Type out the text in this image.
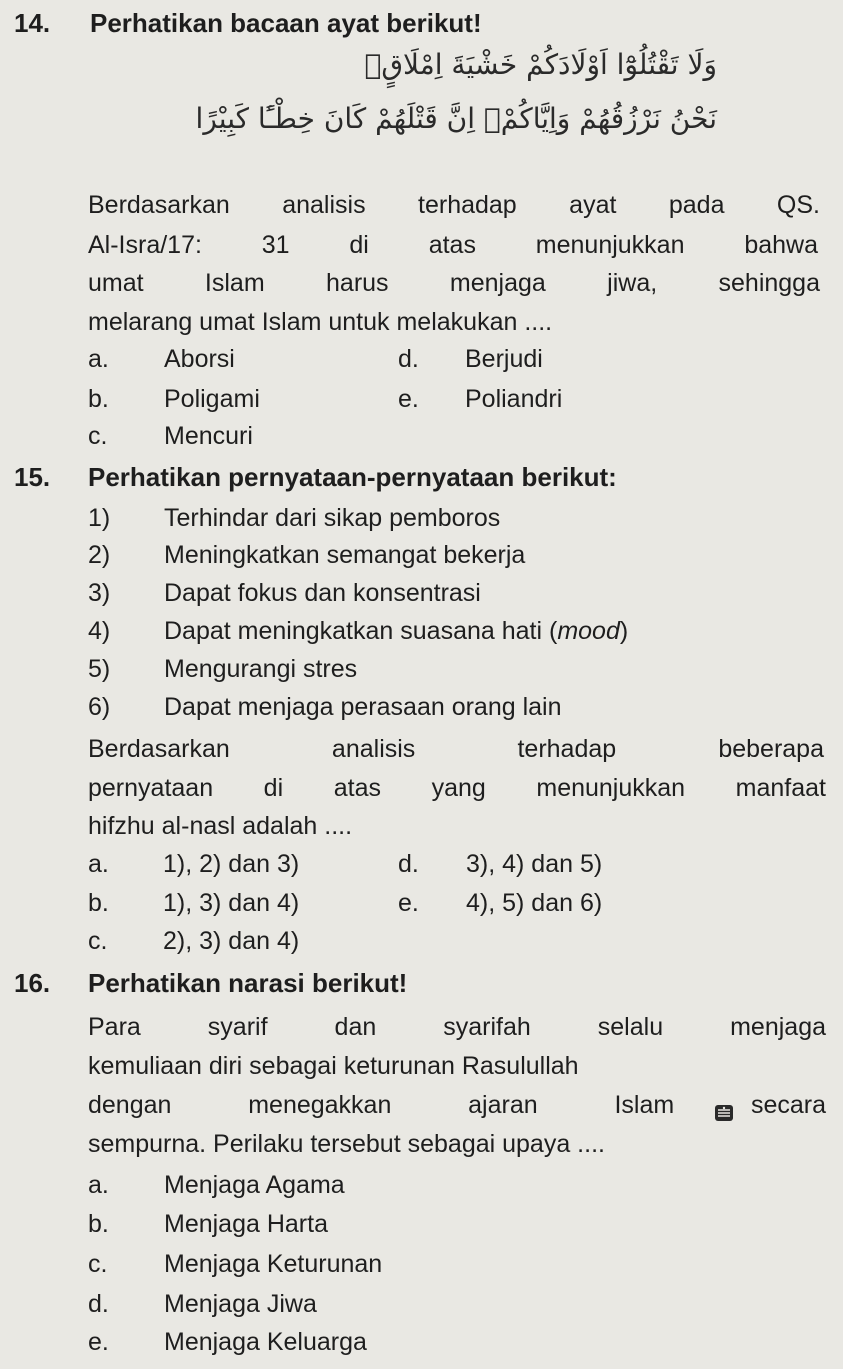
14. Perhatikan bacaan ayat berikut!
وَلَا تَقْتُلُوْٓا اَوْلَادَكُمْ خَشْيَةَ اِمْلَاقٍۗ
نَحْنُ نَرْزُقُهُمْ وَاِيَّاكُمْۗ اِنَّ قَتْلَهُمْ كَانَ خِطْـًٔا كَبِيْرًا
Berdasarkan analisis terhadap ayat pada QS.
Al-Isra/17: 31 di atas menunjukkan bahwa
umat Islam harus menjaga jiwa, sehingga
melarang umat Islam untuk melakukan ....
a. Aborsi	d. Berjudi
b. Poligami	e. Poliandri
c. Mencuri
15. Perhatikan pernyataan-pernyataan berikut:
1) Terhindar dari sikap pemboros
2) Meningkatkan semangat bekerja
3) Dapat fokus dan konsentrasi
4) Dapat meningkatkan suasana hati (mood)
5) Mengurangi stres
6) Dapat menjaga perasaan orang lain
Berdasarkan analisis terhadap beberapa
pernyataan di atas yang menunjukkan manfaat
hifzhu al-nasl adalah ....
a. 1), 2) dan 3)	d. 3), 4) dan 5)
b. 1), 3) dan 4)	e. 4), 5) dan 6)
c. 2), 3) dan 4)
16. Perhatikan narasi berikut!
Para syarif dan syarifah selalu menjaga
kemuliaan diri sebagai keturunan Rasulullah
dengan menegakkan ajaran Islam secara
sempurna. Perilaku tersebut sebagai upaya ....
a. Menjaga Agama
b. Menjaga Harta
c. Menjaga Keturunan
d. Menjaga Jiwa
e. Menjaga Keluarga
